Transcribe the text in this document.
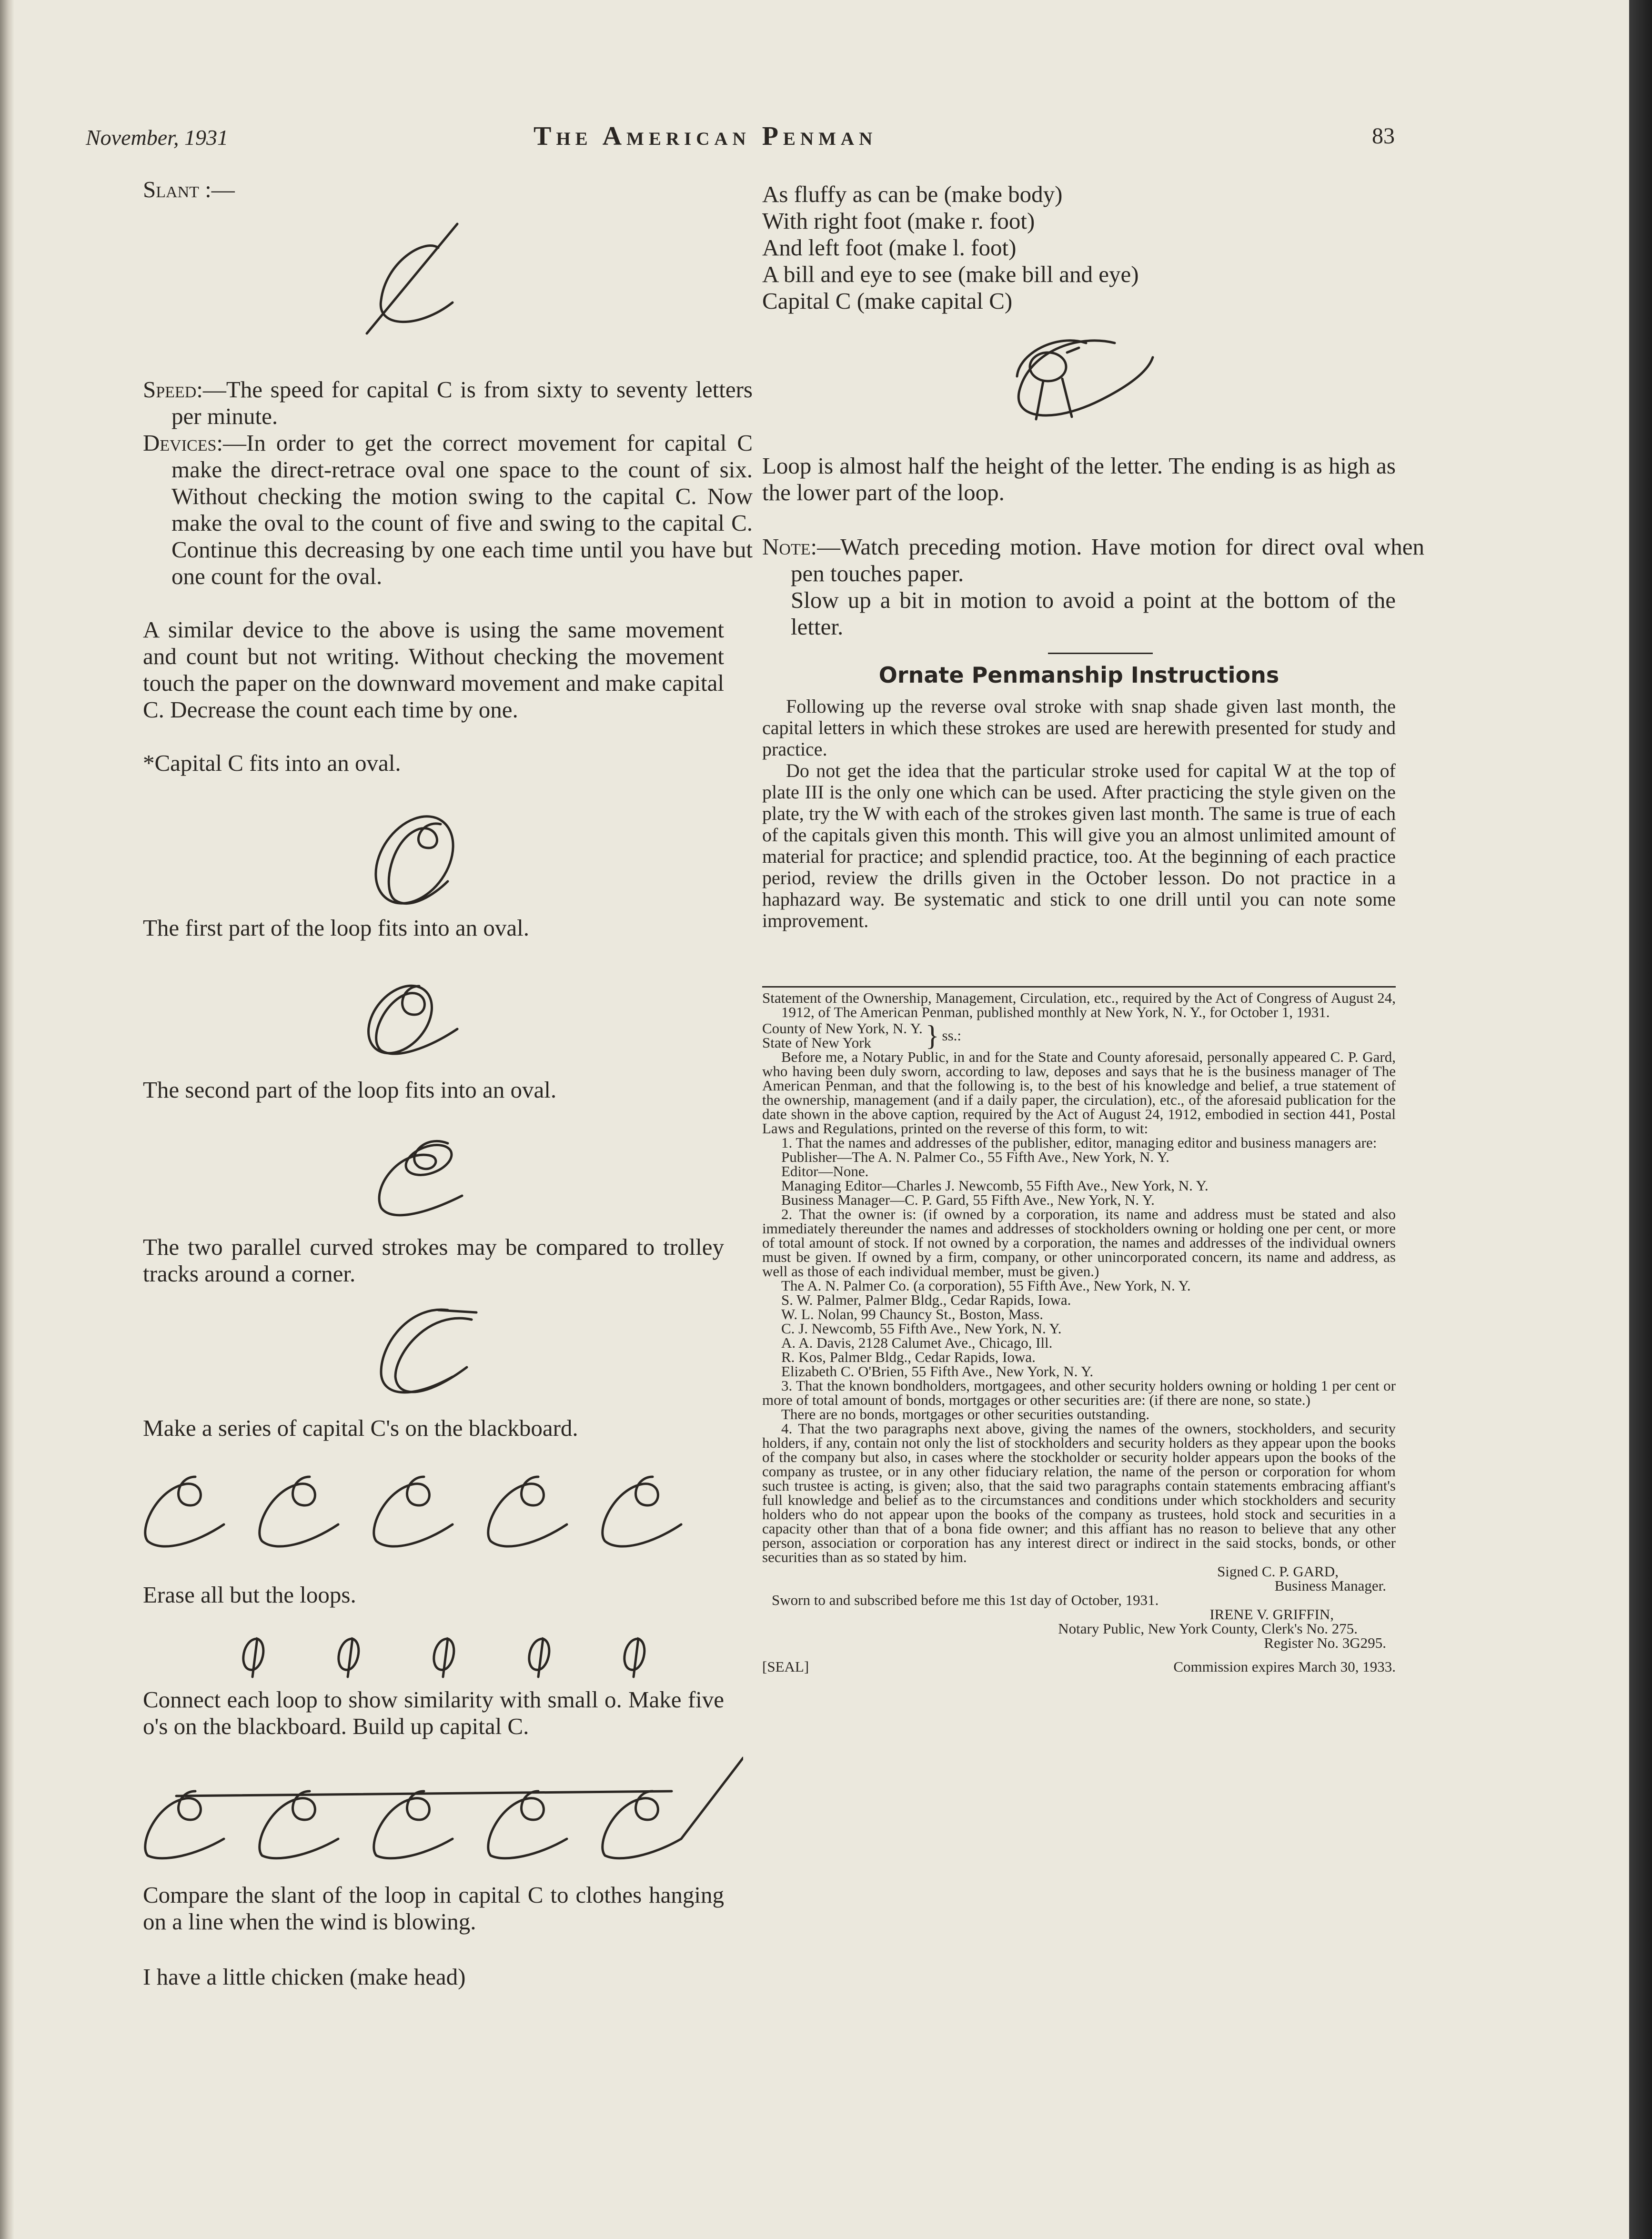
November, 1931	The American Penman	83

Slant :—

Speed:—The speed for capital C is from sixty to seventy letters per minute.

Devices:—In order to get the correct movement for capital C make the direct-retrace oval one space to the count of six. Without checking the motion swing to the capital C. Now make the oval to the count of five and swing to the capital C. Continue this decreasing by one each time until you have but one count for the oval.

A similar device to the above is using the same movement and count but not writing. Without checking the movement touch the paper on the downward movement and make capital C. Decrease the count each time by one.

*Capital C fits into an oval.

The first part of the loop fits into an oval.

The second part of the loop fits into an oval.

The two parallel curved strokes may be compared to trolley tracks around a corner.

Make a series of capital C's on the blackboard.

Erase all but the loops.

Connect each loop to show similarity with small o. Make five o's on the blackboard. Build up capital C.

Compare the slant of the loop in capital C to clothes hanging on a line when the wind is blowing.

I have a little chicken (make head)

As fluffy as can be (make body)

With right foot (make r. foot)

And left foot (make l. foot)

A bill and eye to see (make bill and eye)

Capital C (make capital C)

Loop is almost half the height of the letter. The ending is as high as the lower part of the loop.

Note:—Watch preceding motion. Have motion for direct oval when pen touches paper.

Slow up a bit in motion to avoid a point at the bottom of the letter.

Ornate Penmanship Instructions

Following up the reverse oval stroke with snap shade given last month, the capital letters in which these strokes are used are herewith presented for study and practice.

Do not get the idea that the particular stroke used for capital W at the top of plate III is the only one which can be used. After practicing the style given on the plate, try the W with each of the strokes given last month. The same is true of each of the capitals given this month. This will give you an almost unlimited amount of material for practice; and splendid practice, too. At the beginning of each practice period, review the drills given in the October lesson. Do not practice in a haphazard way. Be systematic and stick to one drill until you can note some improvement.

Statement of the Ownership, Management, Circulation, etc., required by the Act of Congress of August 24, 1912, of The American Penman, published monthly at New York, N. Y., for October 1, 1931.

County of New York, N. Y.

State of New York	} ss.:

Before me, a Notary Public, in and for the State and County aforesaid, personally appeared C. P. Gard, who having been duly sworn, according to law, deposes and says that he is the business manager of The American Penman, and that the following is, to the best of his knowledge and belief, a true statement of the ownership, management (and if a daily paper, the circulation), etc., of the aforesaid publication for the date shown in the above caption, required by the Act of August 24, 1912, embodied in section 441, Postal Laws and Regulations, printed on the reverse of this form, to wit:

1. That the names and addresses of the publisher, editor, managing editor and business managers are:

Publisher—The A. N. Palmer Co., 55 Fifth Ave., New York, N. Y.

Editor—None.

Managing Editor—Charles J. Newcomb, 55 Fifth Ave., New York, N. Y.

Business Manager—C. P. Gard, 55 Fifth Ave., New York, N. Y.

2. That the owner is: (if owned by a corporation, its name and address must be stated and also immediately thereunder the names and addresses of stockholders owning or holding one per cent, or more of total amount of stock. If not owned by a corporation, the names and addresses of the individual owners must be given. If owned by a firm, company, or other unincorporated concern, its name and address, as well as those of each individual member, must be given.)

The A. N. Palmer Co. (a corporation), 55 Fifth Ave., New York, N. Y.

S. W. Palmer, Palmer Bldg., Cedar Rapids, Iowa.

W. L. Nolan, 99 Chauncy St., Boston, Mass.

C. J. Newcomb, 55 Fifth Ave., New York, N. Y.

A. A. Davis, 2128 Calumet Ave., Chicago, Ill.

R. Kos, Palmer Bldg., Cedar Rapids, Iowa.

Elizabeth C. O'Brien, 55 Fifth Ave., New York, N. Y.

3. That the known bondholders, mortgagees, and other security holders owning or holding 1 per cent or more of total amount of bonds, mortgages or other securities are: (if there are none, so state.)

There are no bonds, mortgages or other securities outstanding.

4. That the two paragraphs next above, giving the names of the owners, stockholders, and security holders, if any, contain not only the list of stockholders and security holders as they appear upon the books of the company but also, in cases where the stockholder or security holder appears upon the books of the company as trustee, or in any other fiduciary relation, the name of the person or corporation for whom such trustee is acting, is given; also, that the said two paragraphs contain statements embracing affiant's full knowledge and belief as to the circumstances and conditions under which stockholders and security holders who do not appear upon the books of the company as trustees, hold stock and securities in a capacity other than that of a bona fide owner; and this affiant has no reason to believe that any other person, association or corporation has any interest direct or indirect in the said stocks, bonds, or other securities than as so stated by him.

Signed C. P. GARD,

Business Manager.

Sworn to and subscribed before me this 1st day of October, 1931.

IRENE V. GRIFFIN,

Notary Public, New York County, Clerk's No. 275.

Register No. 3G295.

[SEAL]	Commission expires March 30, 1933.
